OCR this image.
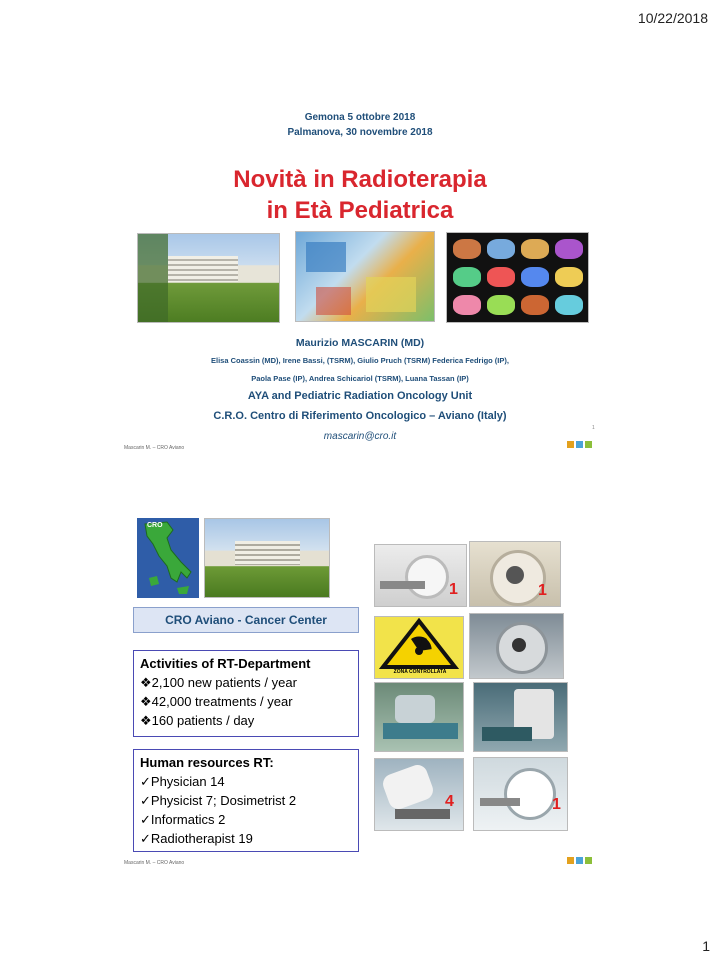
10/22/2018
Gemona 5 ottobre 2018
Palmanova, 30 novembre 2018
Novità in Radioterapia
in Età Pediatrica
Maurizio MASCARIN (MD)
Elisa Coassin (MD), Irene Bassi, (TSRM), Giulio Pruch (TSRM) Federica Fedrigo (IP),
Paola Pase (IP), Andrea Schicariol (TSRM), Luana Tassan (IP)
AYA and Pediatric Radiation Oncology Unit
C.R.O. Centro di Riferimento Oncologico – Aviano (Italy)
mascarin@cro.it
1
Mascarin M. – CRO Aviano
CRO
CRO Aviano - Cancer Center
Activities of RT-Department
❖2,100 new patients / year
❖42,000 treatments / year
❖160 patients / day
Human resources RT:
✓Physician 14
✓Physicist 7; Dosimetrist 2
✓Informatics 2
✓Radiotherapist 19
1	1
ZONA CONTROLLATA
4	1
Mascarin M. – CRO Aviano
1
